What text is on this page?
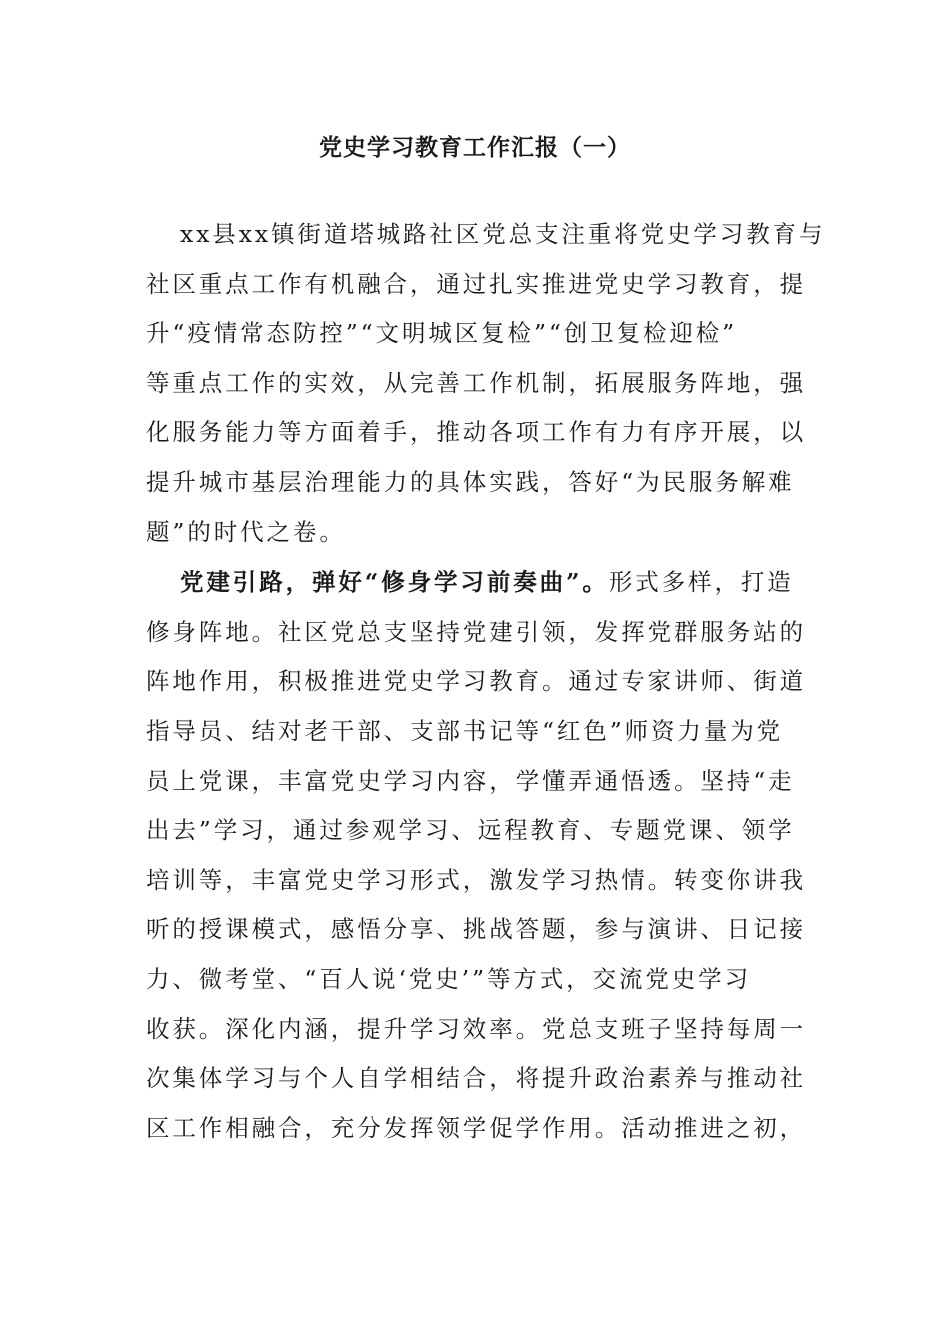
党史学习教育工作汇报（一）
xx县xx镇街道塔城路社区党总支注重将党史学习教育与
社区重点工作有机融合，通过扎实推进党史学习教育，提
升“疫情常态防控”“文明城区复检”“创卫复检迎检”
等重点工作的实效，从完善工作机制，拓展服务阵地，强
化服务能力等方面着手，推动各项工作有力有序开展，以
提升城市基层治理能力的具体实践，答好“为民服务解难
题”的时代之卷。
党建引路，弹好“修身学习前奏曲”。形式多样，打造
修身阵地。社区党总支坚持党建引领，发挥党群服务站的
阵地作用，积极推进党史学习教育。通过专家讲师、街道
指导员、结对老干部、支部书记等“红色”师资力量为党
员上党课，丰富党史学习内容，学懂弄通悟透。坚持“走
出去”学习，通过参观学习、远程教育、专题党课、领学
培训等，丰富党史学习形式，激发学习热情。转变你讲我
听的授课模式，感悟分享、挑战答题，参与演讲、日记接
力、微考堂、“百人说‘党史’”等方式，交流党史学习
收获。深化内涵，提升学习效率。党总支班子坚持每周一
次集体学习与个人自学相结合，将提升政治素养与推动社
区工作相融合，充分发挥领学促学作用。活动推进之初，
